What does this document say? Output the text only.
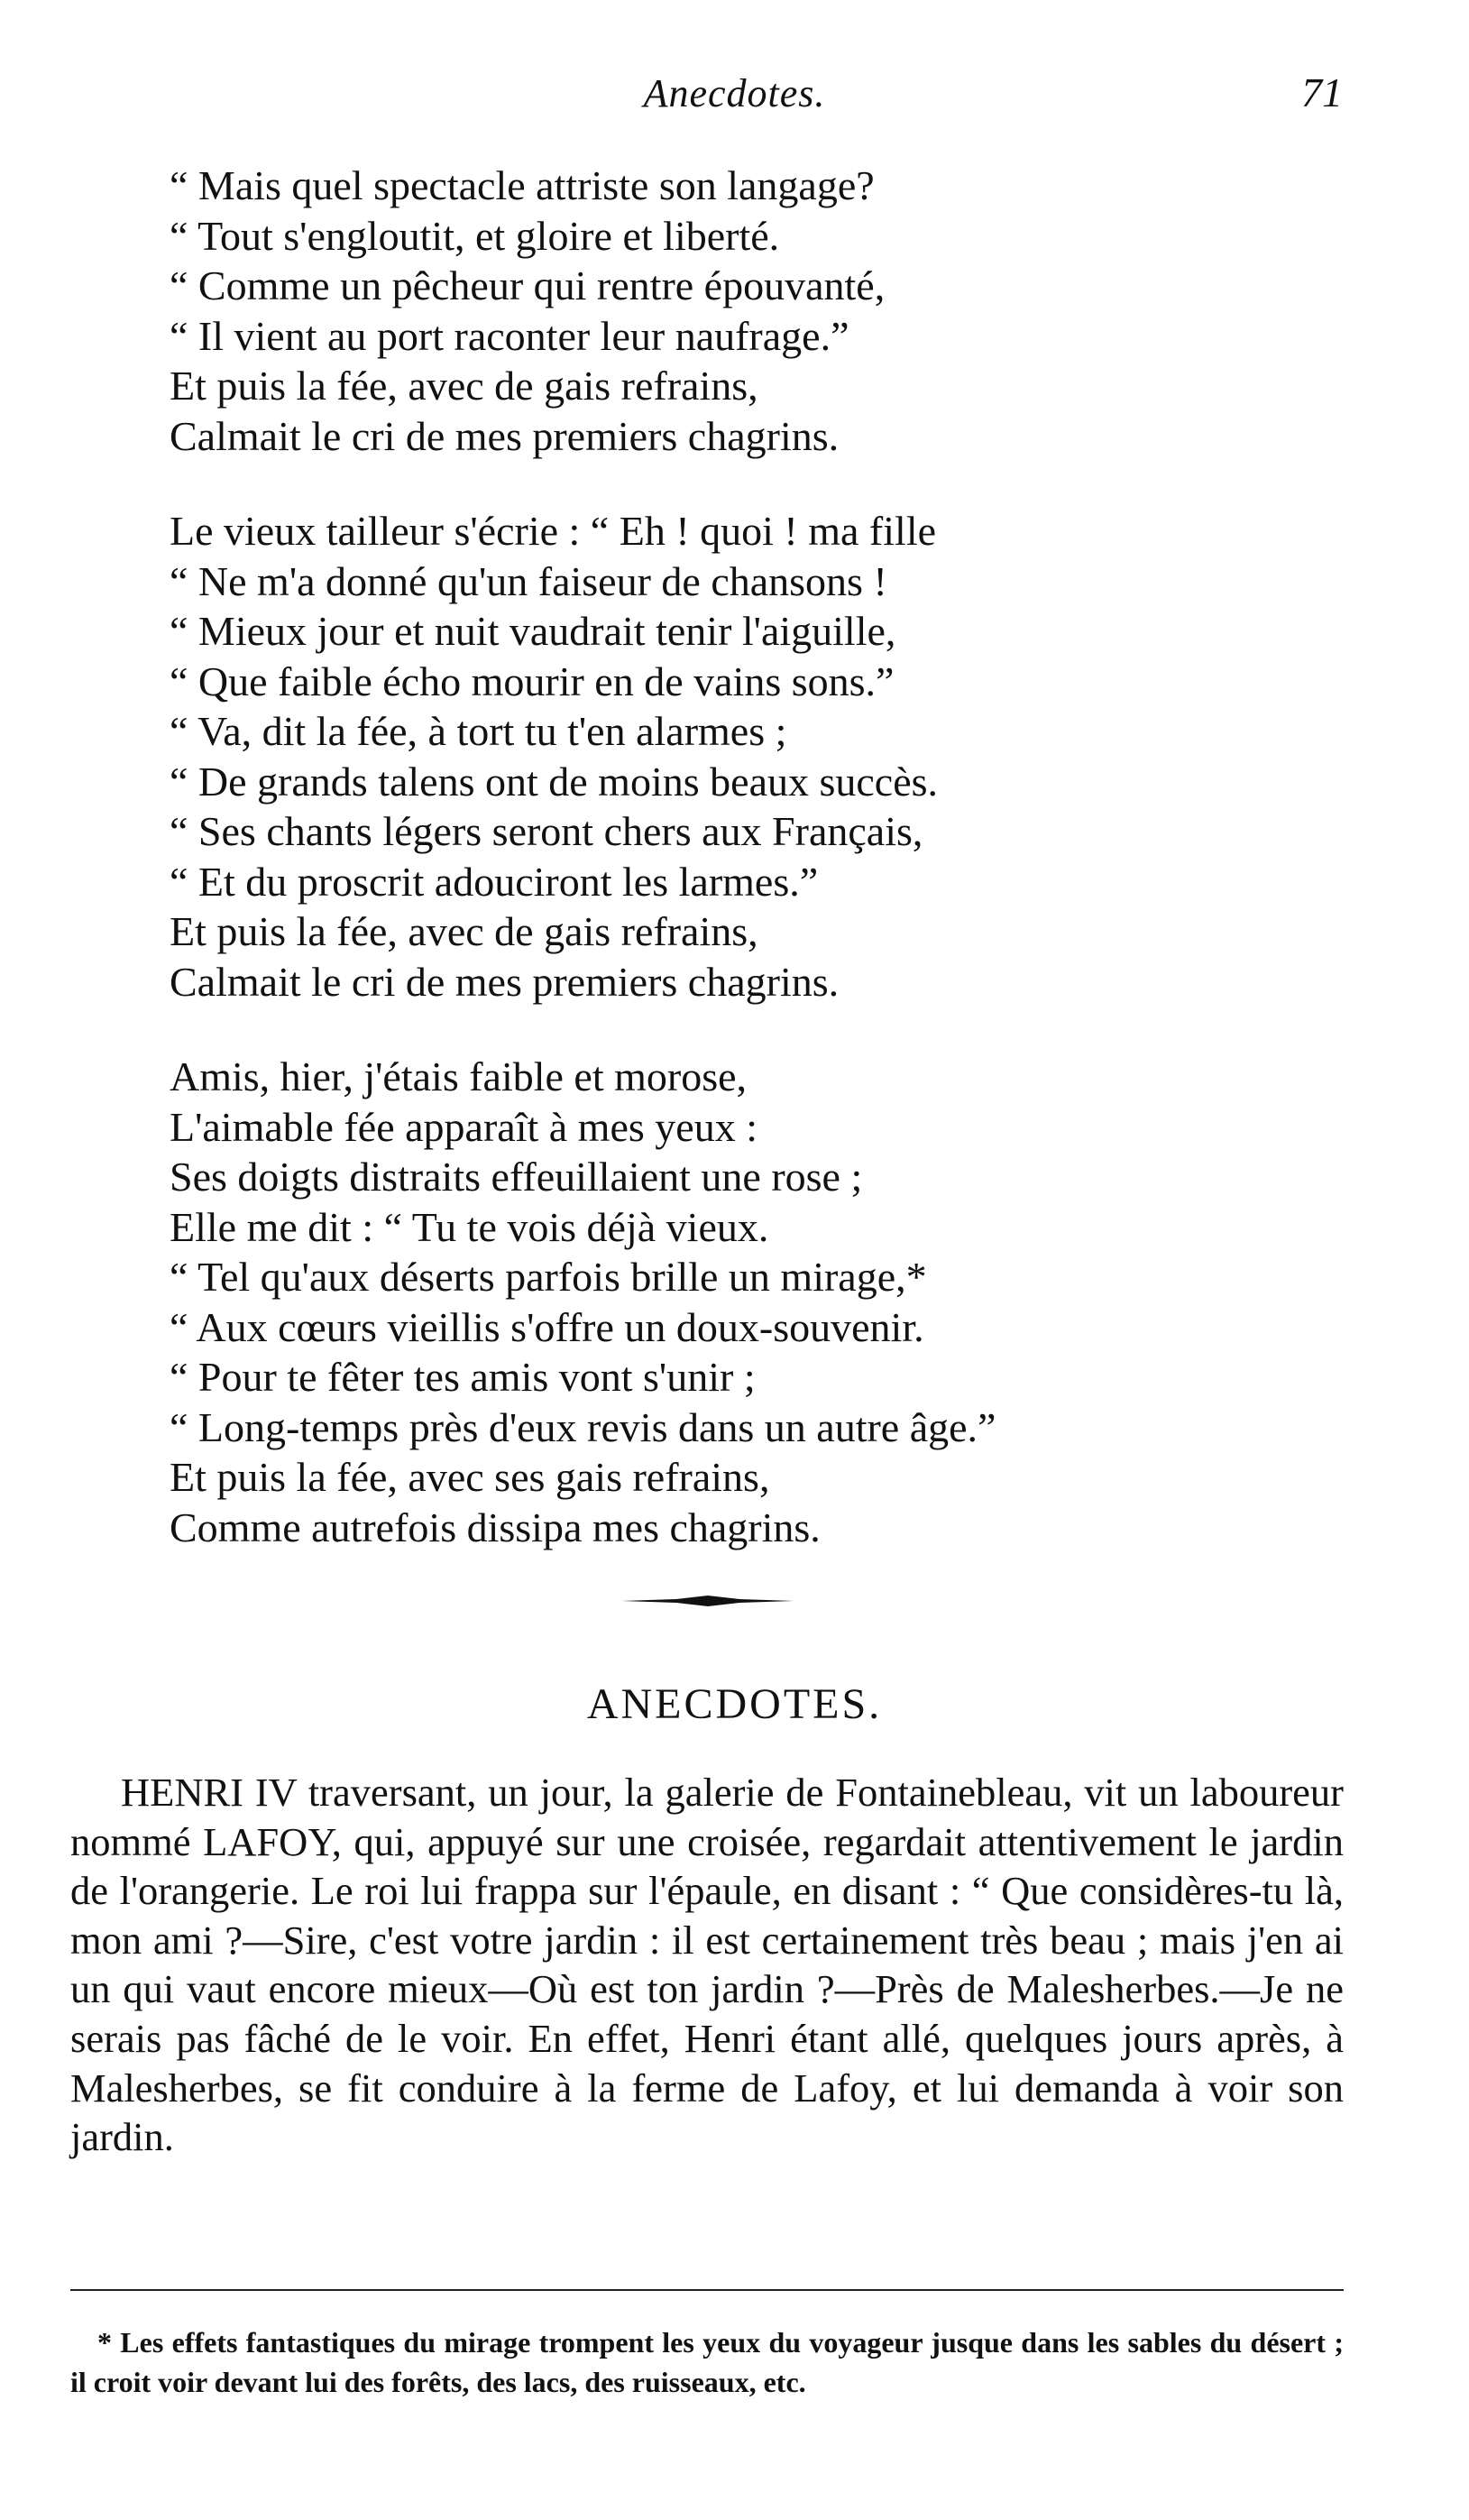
Anecdotes.	71
“ Mais quel spectacle attriste son langage?
“ Tout s'engloutit, et gloire et liberté.
“ Comme un pêcheur qui rentre épouvanté,
“ Il vient au port raconter leur naufrage.”
Et puis la fée, avec de gais refrains,
Calmait le cri de mes premiers chagrins.
Le vieux tailleur s'écrie : “ Eh ! quoi ! ma fille
“ Ne m'a donné qu'un faiseur de chansons !
“ Mieux jour et nuit vaudrait tenir l'aiguille,
“ Que faible écho mourir en de vains sons.”
“ Va, dit la fée, à tort tu t'en alarmes ;
“ De grands talens ont de moins beaux succès.
“ Ses chants légers seront chers aux Français,
“ Et du proscrit adouciront les larmes.”
Et puis la fée, avec de gais refrains,
Calmait le cri de mes premiers chagrins.
Amis, hier, j'étais faible et morose,
L'aimable fée apparaît à mes yeux :
Ses doigts distraits effeuillaient une rose ;
Elle me dit : “ Tu te vois déjà vieux.
“ Tel qu'aux déserts parfois brille un mirage,*
“ Aux cœurs vieillis s'offre un doux-souvenir.
“ Pour te fêter tes amis vont s'unir ;
“ Long-temps près d'eux revis dans un autre âge.”
Et puis la fée, avec ses gais refrains,
Comme autrefois dissipa mes chagrins.
ANECDOTES.

HENRI IV traversant, un jour, la galerie de Fontainebleau, vit un laboureur nommé LAFOY, qui, appuyé sur une croisée, regardait attentivement le jardin de l'orangerie. Le roi lui frappa sur l'épaule, en disant : “ Que considères-tu là, mon ami ?—Sire, c'est votre jardin : il est certainement très beau ; mais j'en ai un qui vaut encore mieux—Où est ton jardin ?—Près de Malesherbes.—Je ne serais pas fâché de le voir. En effet, Henri étant allé, quelques jours après, à Malesherbes, se fit conduire à la ferme de Lafoy, et lui demanda à voir son jardin.

* Les effets fantastiques du mirage trompent les yeux du voyageur jusque dans les sables du désert ; il croit voir devant lui des forêts, des lacs, des ruisseaux, etc.
